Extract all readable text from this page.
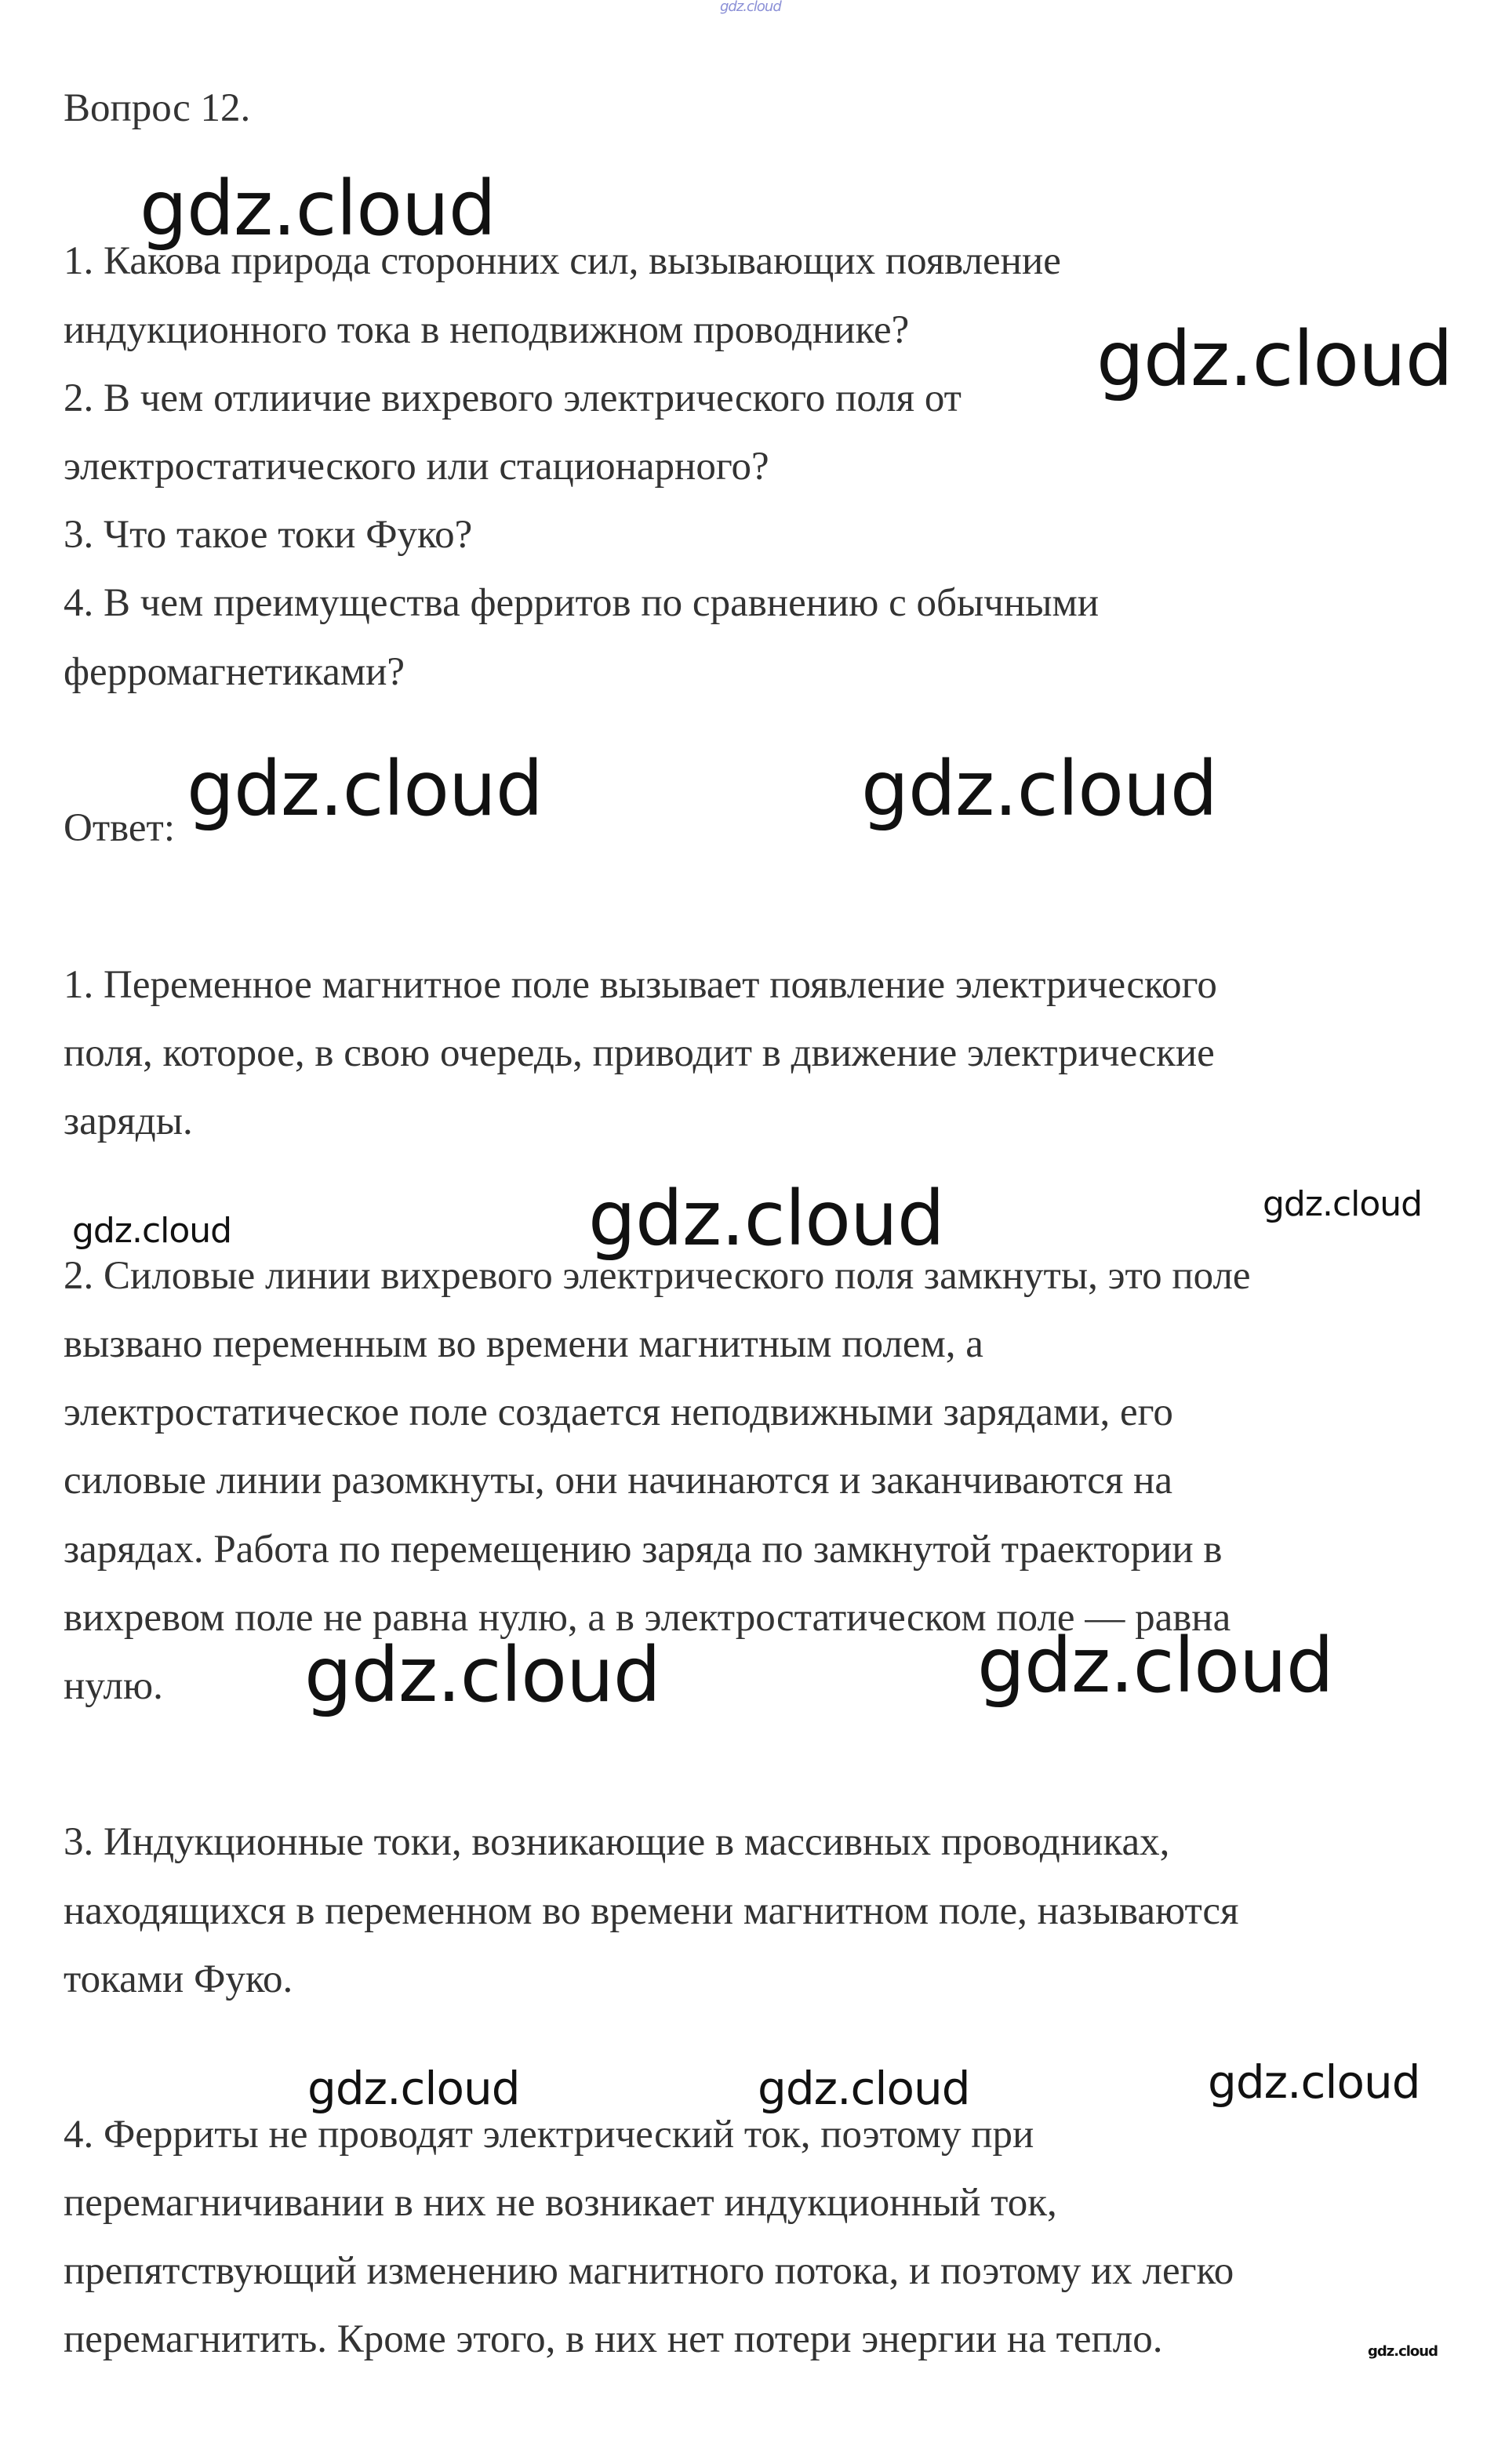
gdz.cloud

Вопрос 12.

1. Какова природа сторонних сил, вызывающих появление

индукционного тока в неподвижном проводнике?

2. В чем отлиичие вихревого электрического поля от

электростатического или стационарного?

3. Что такое токи Фуко?

4. В чем преимущества ферритов по сравнению с обычными

ферромагнетиками?

Ответ:

1. Переменное магнитное поле вызывает появление электрического

поля, которое, в свою очередь, приводит в движение электрические

заряды.

2. Силовые линии вихревого электрического поля замкнуты, это поле

вызвано переменным во времени магнитным полем, а

электростатическое поле создается неподвижными зарядами, его

силовые линии разомкнуты, они начинаются и заканчиваются на

зарядах. Работа по перемещению заряда по замкнутой траектории в

вихревом поле не равна нулю, а в электростатическом поле — равна

нулю.

3. Индукционные токи, возникающие в массивных проводниках,

находящихся в переменном во времени магнитном поле, называются

токами Фуко.

4. Ферриты не проводят электрический ток, поэтому при

перемагничивании в них не возникает индукционный ток,

препятствующий изменению магнитного потока, и поэтому их легко

перемагнитить. Кроме этого, в них нет потери энергии на тепло.

gdz.cloud
gdz.cloud
gdz.cloud	gdz.cloud
gdz.cloud	gdz.cloud	gdz.cloud
gdz.cloud	gdz.cloud
gdz.cloud	gdz.cloud	gdz.cloud
gdz.cloud
